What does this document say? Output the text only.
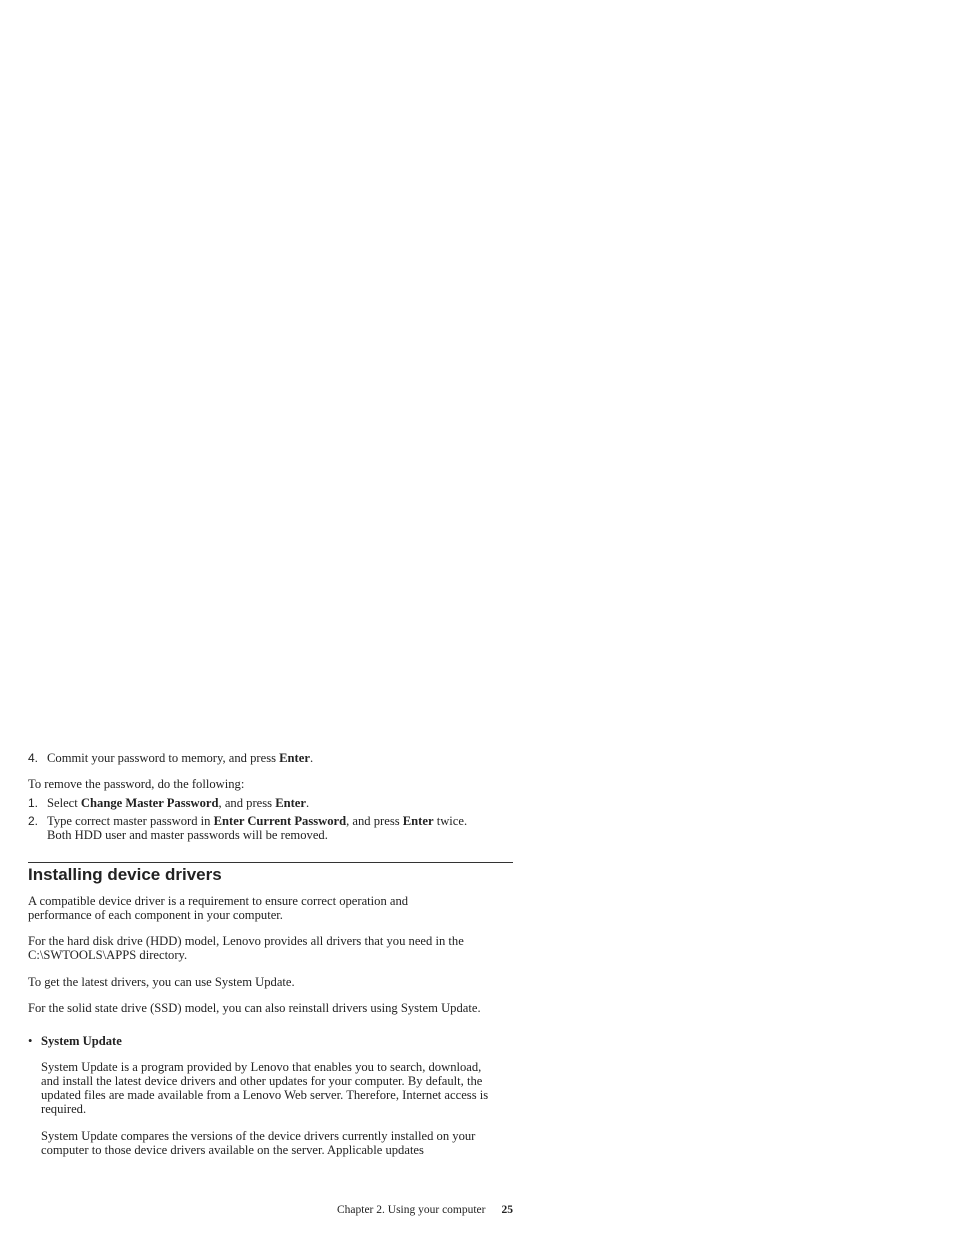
4. Commit your password to memory, and press Enter.
To remove the password, do the following:
1. Select Change Master Password, and press Enter.
2. Type correct master password in Enter Current Password, and press Enter twice.
Both HDD user and master passwords will be removed.
Installing device drivers
A compatible device driver is a requirement to ensure correct operation and performance of each component in your computer.
For the hard disk drive (HDD) model, Lenovo provides all drivers that you need in the C:\SWTOOLS\APPS directory.
To get the latest drivers, you can use System Update.
For the solid state drive (SSD) model, you can also reinstall drivers using System Update.
• System Update
System Update is a program provided by Lenovo that enables you to search, download, and install the latest device drivers and other updates for your computer. By default, the updated files are made available from a Lenovo Web server. Therefore, Internet access is required.
System Update compares the versions of the device drivers currently installed on your computer to those device drivers available on the server. Applicable updates
Chapter 2. Using your computer 25
